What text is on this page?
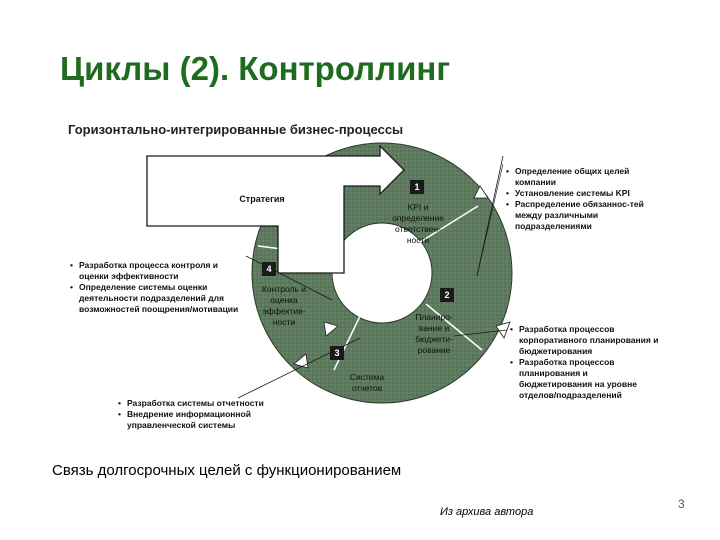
Циклы (2). Контроллинг
Горизонтально-интегрированные бизнес-процессы
Стратегия
1
KPI и
определение
ответствен-
ности
2
Планиро-
вание и
бюджети-
рование
3
Система
отчетов
4
Контроль и
оценка
эффектив-
ности
• Определение общих целей компании
• Установление системы KPI
• Распределение обязаннос-тей между различными подразделениями
• Разработка процесса контроля и оценки эффективности
• Определение системы оценки деятельности подразделений для возможностей поощрения/мотивации
• Разработка системы отчетности
• Внедрение информационной управленческой системы
• Разработка процессов корпоративного планирования и бюджетирования
• Разработка процессов планирования и бюджетирования на уровне отделов/подразделений
Связь долгосрочных целей с функционированием
3
Из архива автора
